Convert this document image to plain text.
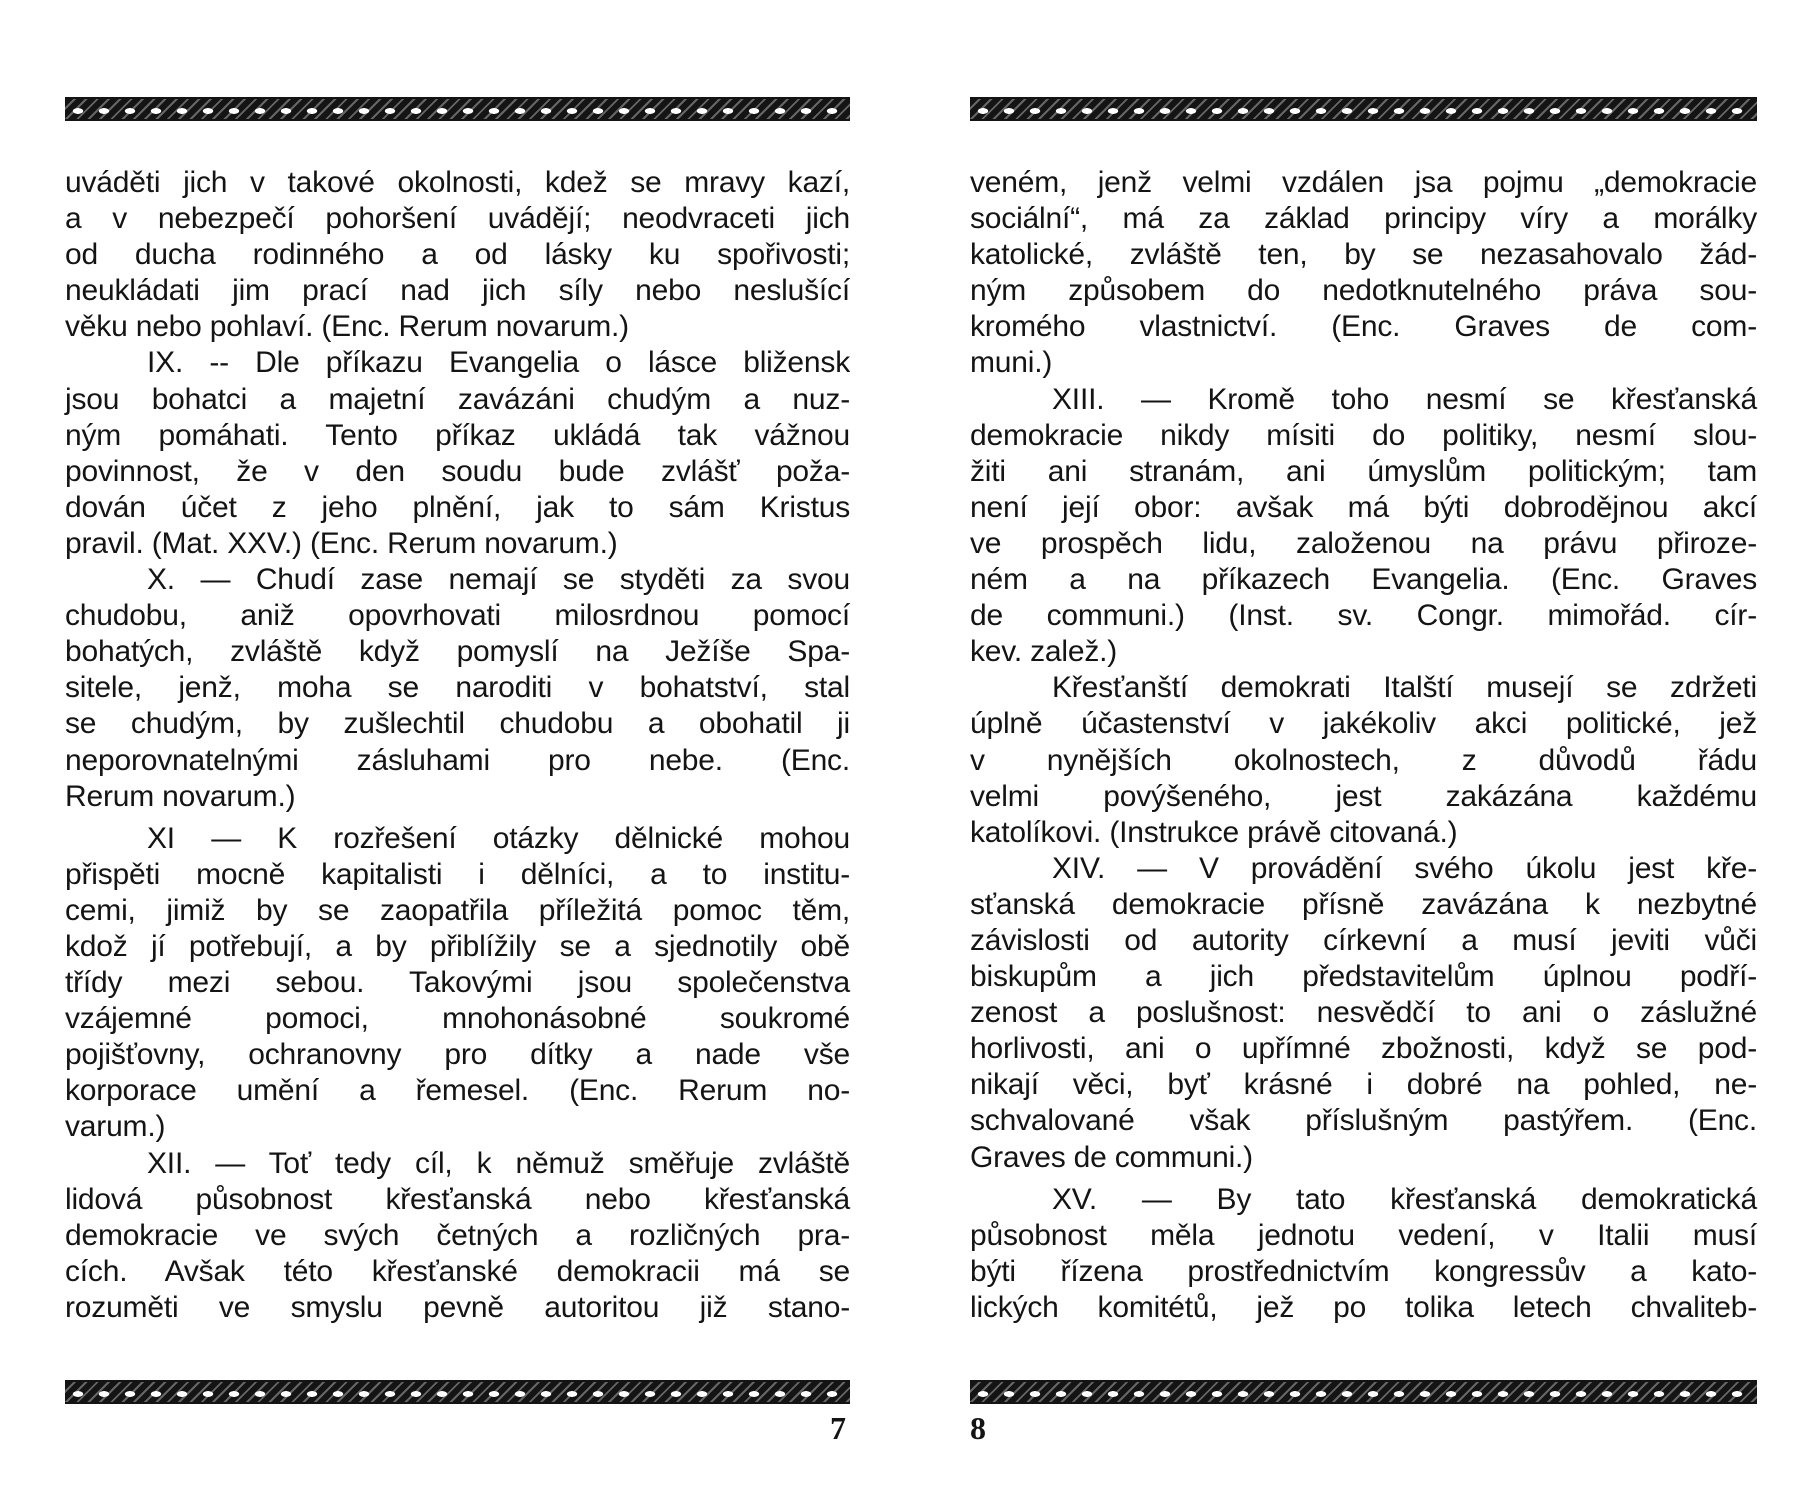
uváděti jich v takové okolnosti, kdež se mravy kazí,
a v nebezpečí pohoršení uvádějí; neodvraceti jich
od ducha rodinného a od lásky ku spořivosti;
neukládati jim prací nad jich síly nebo neslušící
věku nebo pohlaví. (Enc. Rerum novarum.)
IX. -- Dle příkazu Evangelia o lásce bližensk
jsou bohatci a majetní zavázáni chudým a nuz-
ným pomáhati. Tento příkaz ukládá tak vážnou
povinnost, že v den soudu bude zvlášť poža-
dován účet z jeho plnění, jak to sám Kristus
pravil. (Mat. XXV.) (Enc. Rerum novarum.)
X. — Chudí zase nemají se styděti za svou
chudobu, aniž opovrhovati milosrdnou pomocí
bohatých, zvláště když pomyslí na Ježíše Spa-
sitele, jenž, moha se naroditi v bohatství, stal
se chudým, by zušlechtil chudobu a obohatil ji
neporovnatelnými zásluhami pro nebe. (Enc.
Rerum novarum.)
XI — K rozřešení otázky dělnické mohou
přispěti mocně kapitalisti i dělníci, a to institu-
cemi, jimiž by se zaopatřila příležitá pomoc těm,
kdož jí potřebují, a by přiblížily se a sjednotily obě
třídy mezi sebou. Takovými jsou společenstva
vzájemné pomoci, mnohonásobné soukromé
pojišťovny, ochranovny pro dítky a nade vše
korporace umění a řemesel. (Enc. Rerum no-
varum.)
XII. — Toť tedy cíl, k němuž směřuje zvláště
lidová působnost křesťanská nebo křesťanská
demokracie ve svých četných a rozličných pra-
cích. Avšak této křesťanské demokracii má se
rozuměti ve smyslu pevně autoritou již stano-
7
veném, jenž velmi vzdálen jsa pojmu „demokracie
sociální“, má za základ principy víry a morálky
katolické, zvláště ten, by se nezasahovalo žád-
ným způsobem do nedotknutelného práva sou-
kromého vlastnictví. (Enc. Graves de com-
muni.)
XIII. — Kromě toho nesmí se křesťanská
demokracie nikdy mísiti do politiky, nesmí slou-
žiti ani stranám, ani úmyslům politickým; tam
není její obor: avšak má býti dobrodějnou akcí
ve prospěch lidu, založenou na právu přiroze-
ném a na příkazech Evangelia. (Enc. Graves
de communi.) (Inst. sv. Congr. mimořád. cír-
kev. zalež.)
Křesťanští demokrati Italští musejí se zdržeti
úplně účastenství v jakékoliv akci politické, jež
v nynějších okolnostech, z důvodů řádu
velmi povýšeného, jest zakázána každému
katolíkovi. (Instrukce právě citovaná.)
XIV. — V provádění svého úkolu jest kře-
sťanská demokracie přísně zavázána k nezbytné
závislosti od autority církevní a musí jeviti vůči
biskupům a jich představitelům úplnou podří-
zenost a poslušnost: nesvědčí to ani o záslužné
horlivosti, ani o upřímné zbožnosti, když se pod-
nikají věci, byť krásné i dobré na pohled, ne-
schvalované však příslušným pastýřem. (Enc.
Graves de communi.)
XV. — By tato křesťanská demokratická
působnost měla jednotu vedení, v Italii musí
býti řízena prostřednictvím kongressův a kato-
lických komitétů, jež po tolika letech chvaliteb-
8
